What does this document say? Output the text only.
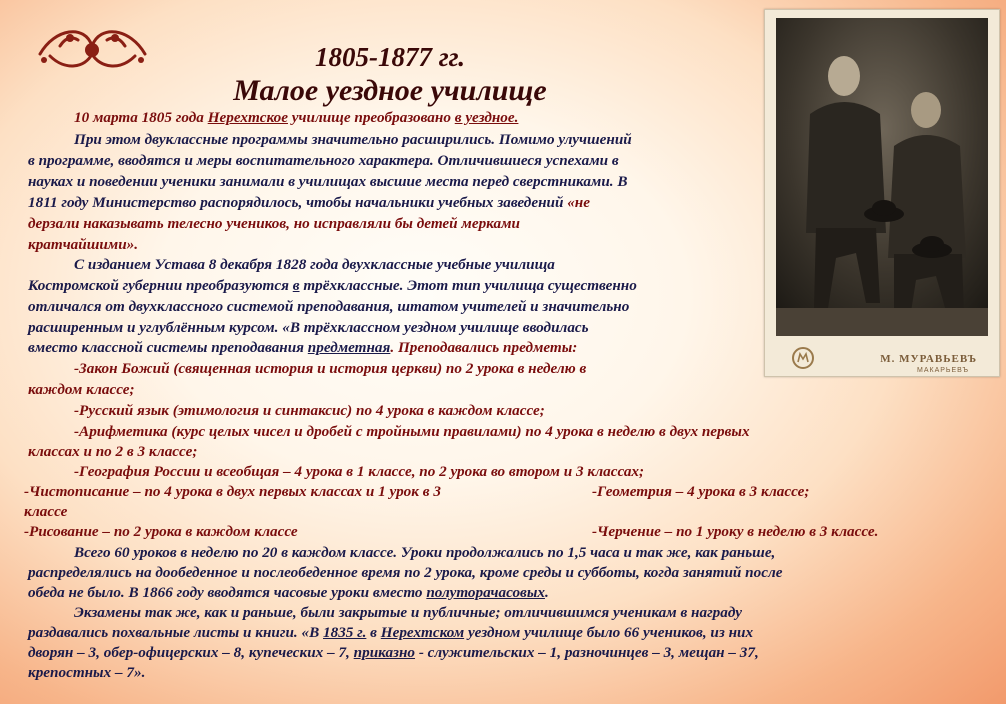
1805-1877 гг.
Малое уездное училище
М. МУРАВЬЕВЪ
МАКАРЬЕВЪ
10 марта 1805 года Нерехтское училище преобразовано в уездное.
При этом двуклассные программы значительно расширились. Помимо улучшений
в программе, вводятся и меры воспитательного характера. Отличившиеся успехами в
науках и поведении ученики занимали в училищах высшие места перед сверстниками. В
1811 году Министерство распорядилось, чтобы начальники учебных заведений «не
дерзали наказывать телесно учеников, но исправляли бы детей мерками
кратчайшими».
С изданием Устава 8 декабря 1828 года двухклассные учебные училища
Костромской губернии преобразуются в трёхклассные. Этот тип училища существенно
отличался от двухклассного системой преподавания, штатом учителей и значительно
расширенным и углублённым курсом. «В трёхклассном уездном училище вводилась
вместо классной системы преподавания предметная. Преподавались предметы:
-Закон Божий (священная история и история церкви) по 2 урока в неделю в
каждом классе;
-Русский язык (этимология и синтаксис) по 4 урока в каждом классе;
-Арифметика (курс целых чисел и дробей с тройными правилами) по 4 урока в неделю в двух первых
классах и по 2 в 3 классе;
-География России и всеобщая – 4 урока в 1 классе, по 2 урока во втором и 3 классах;
-Чистописание – по 4 урока в двух первых классах и 1 урок в 3	-Геометрия – 4 урока в 3 классе;
классе
-Рисование – по 2 урока в каждом классе	-Черчение – по 1 уроку в неделю в 3 классе.
Всего 60 уроков в неделю по 20 в каждом классе. Уроки продолжались по 1,5 часа и так же, как раньше,
распределялись на дообеденное и послеобеденное время по 2 урока, кроме среды и субботы, когда занятий после
обеда не было. В 1866 году вводятся часовые уроки вместо полуторачасовых.
Экзамены так же, как и раньше, были закрытые и публичные; отличившимся ученикам в награду
раздавались похвальные листы и книги. «В 1835 г. в Нерехтском уездном училище было 66 учеников, из них
дворян – 3, обер-офицерских – 8, купеческих – 7, приказно - служительских – 1, разночинцев – 3, мещан – 37,
крепостных – 7».
